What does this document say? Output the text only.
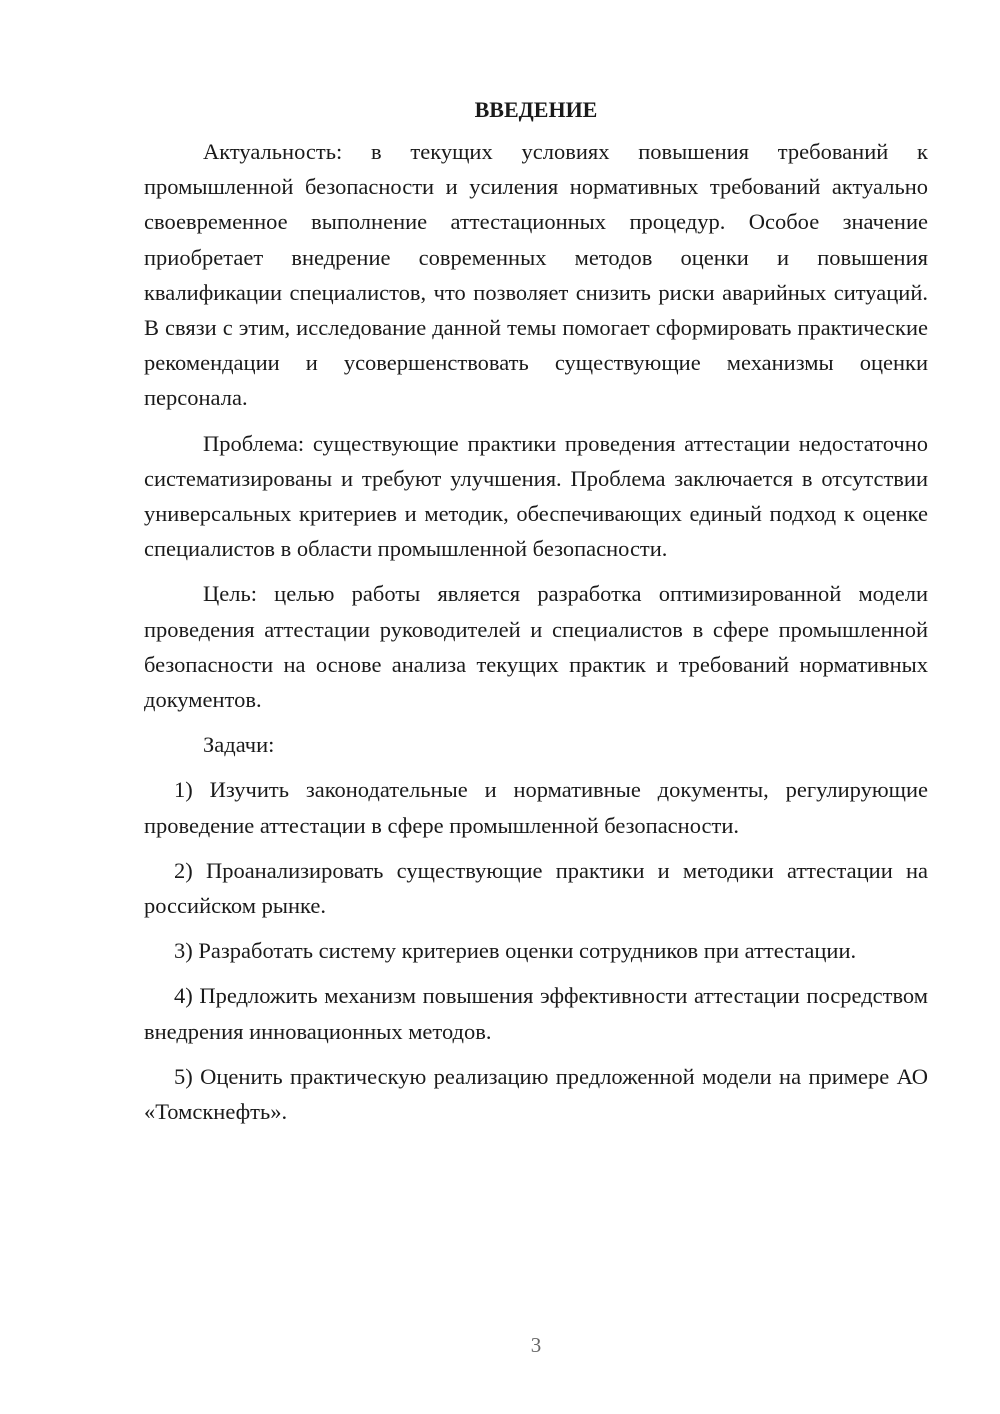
ВВЕДЕНИЕ

Актуальность: в текущих условиях повышения требований к промышленной безопасности и усиления нормативных требований актуально своевременное выполнение аттестационных процедур. Особое значение приобретает внедрение современных методов оценки и повышения квалификации специалистов, что позволяет снизить риски аварийных ситуаций. В связи с этим, исследование данной темы помогает сформировать практические рекомендации и усовершенствовать существующие механизмы оценки персонала.

Проблема: существующие практики проведения аттестации недостаточно систематизированы и требуют улучшения. Проблема заключается в отсутствии универсальных критериев и методик, обеспечивающих единый подход к оценке специалистов в области промышленной безопасности.

Цель: целью работы является разработка оптимизированной модели проведения аттестации руководителей и специалистов в сфере промышленной безопасности на основе анализа текущих практик и требований нормативных документов.

Задачи:

1) Изучить законодательные и нормативные документы, регулирующие проведение аттестации в сфере промышленной безопасности.

2) Проанализировать существующие практики и методики аттестации на российском рынке.

3) Разработать систему критериев оценки сотрудников при аттестации.

4) Предложить механизм повышения эффективности аттестации посредством внедрения инновационных методов.

5) Оценить практическую реализацию предложенной модели на примере АО «Томскнефть».

3
